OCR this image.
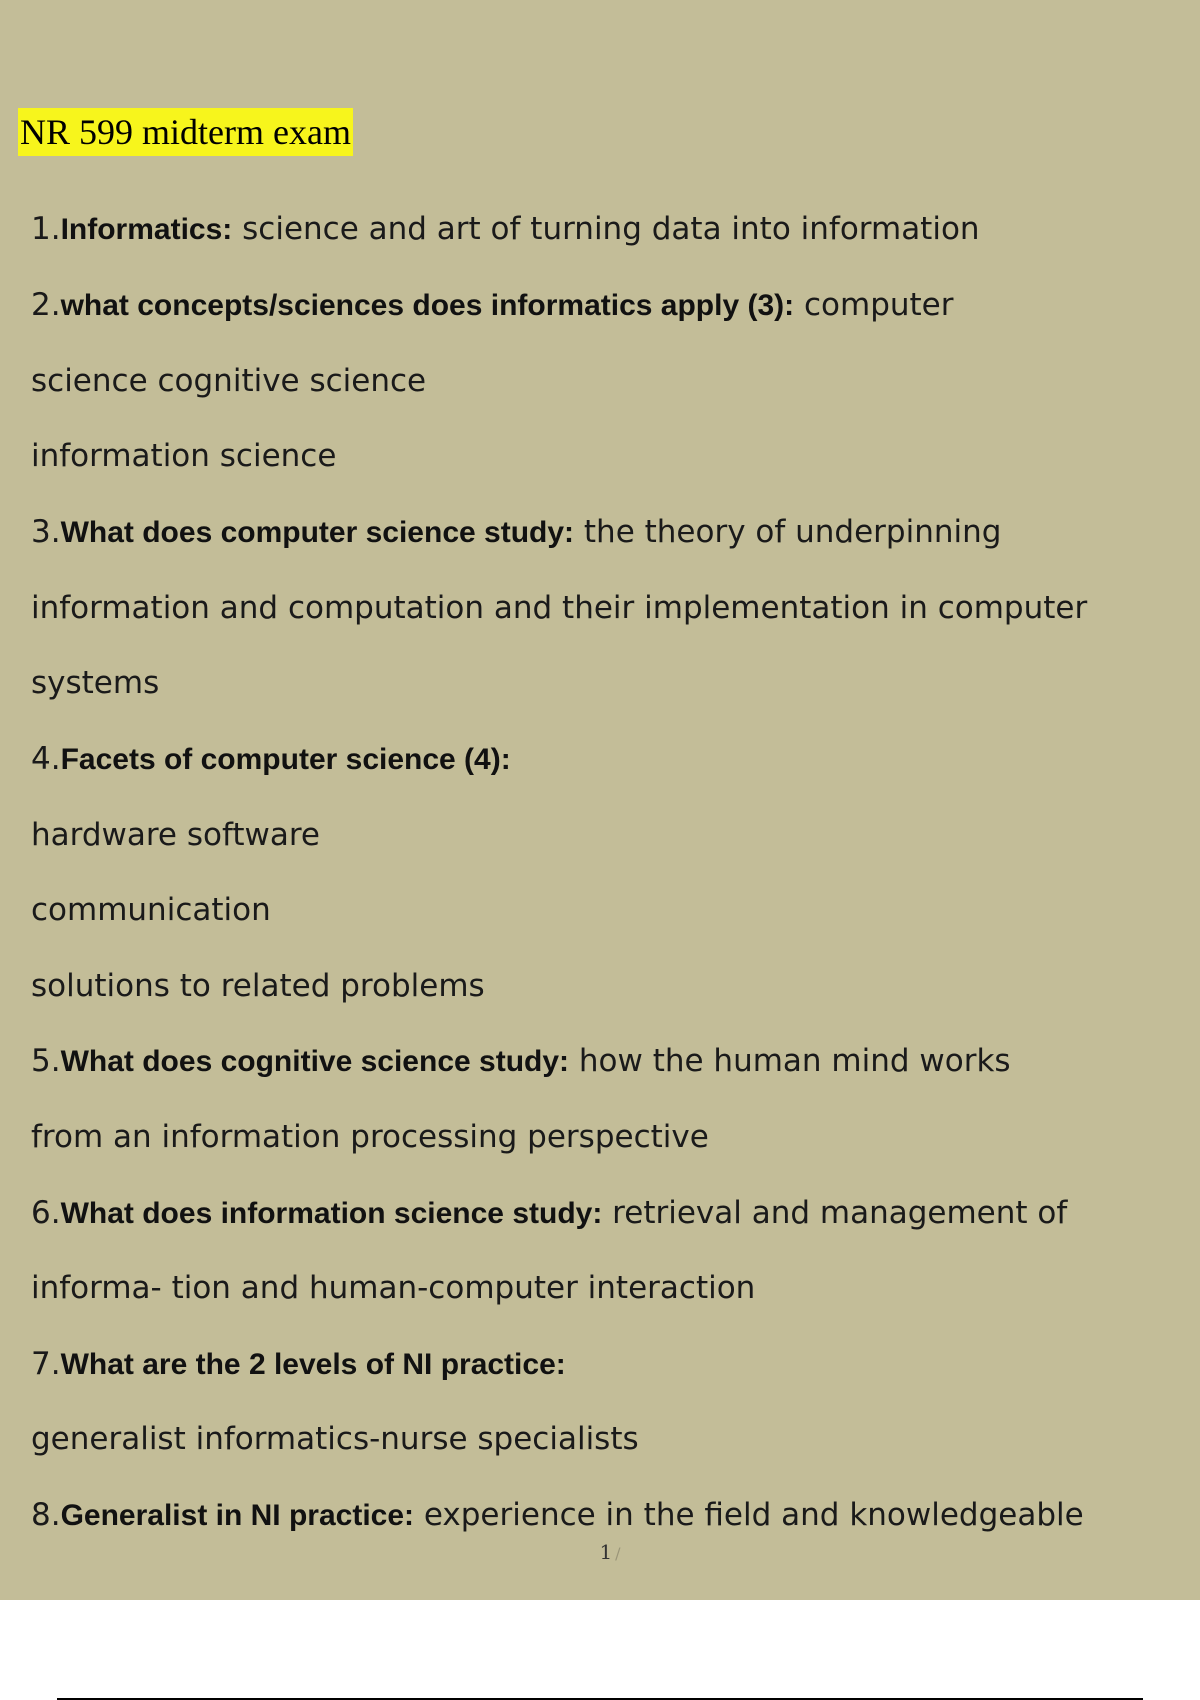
NR 599 midterm exam
1.Informatics: science and art of turning data into information
2.what concepts/sciences does informatics apply (3): computer
science cognitive science
information science
3.What does computer science study: the theory of underpinning
information and computation and their implementation in computer
systems
4.Facets of computer science (4):
hardware software
communication
solutions to related problems
5.What does cognitive science study: how the human mind works
from an information processing perspective
6.What does information science study: retrieval and management of
informa- tion and human-computer interaction
7.What are the 2 levels of NI practice:
generalist informatics-nurse specialists
8.Generalist in NI practice: experience in the field and knowledgeable
1 /
